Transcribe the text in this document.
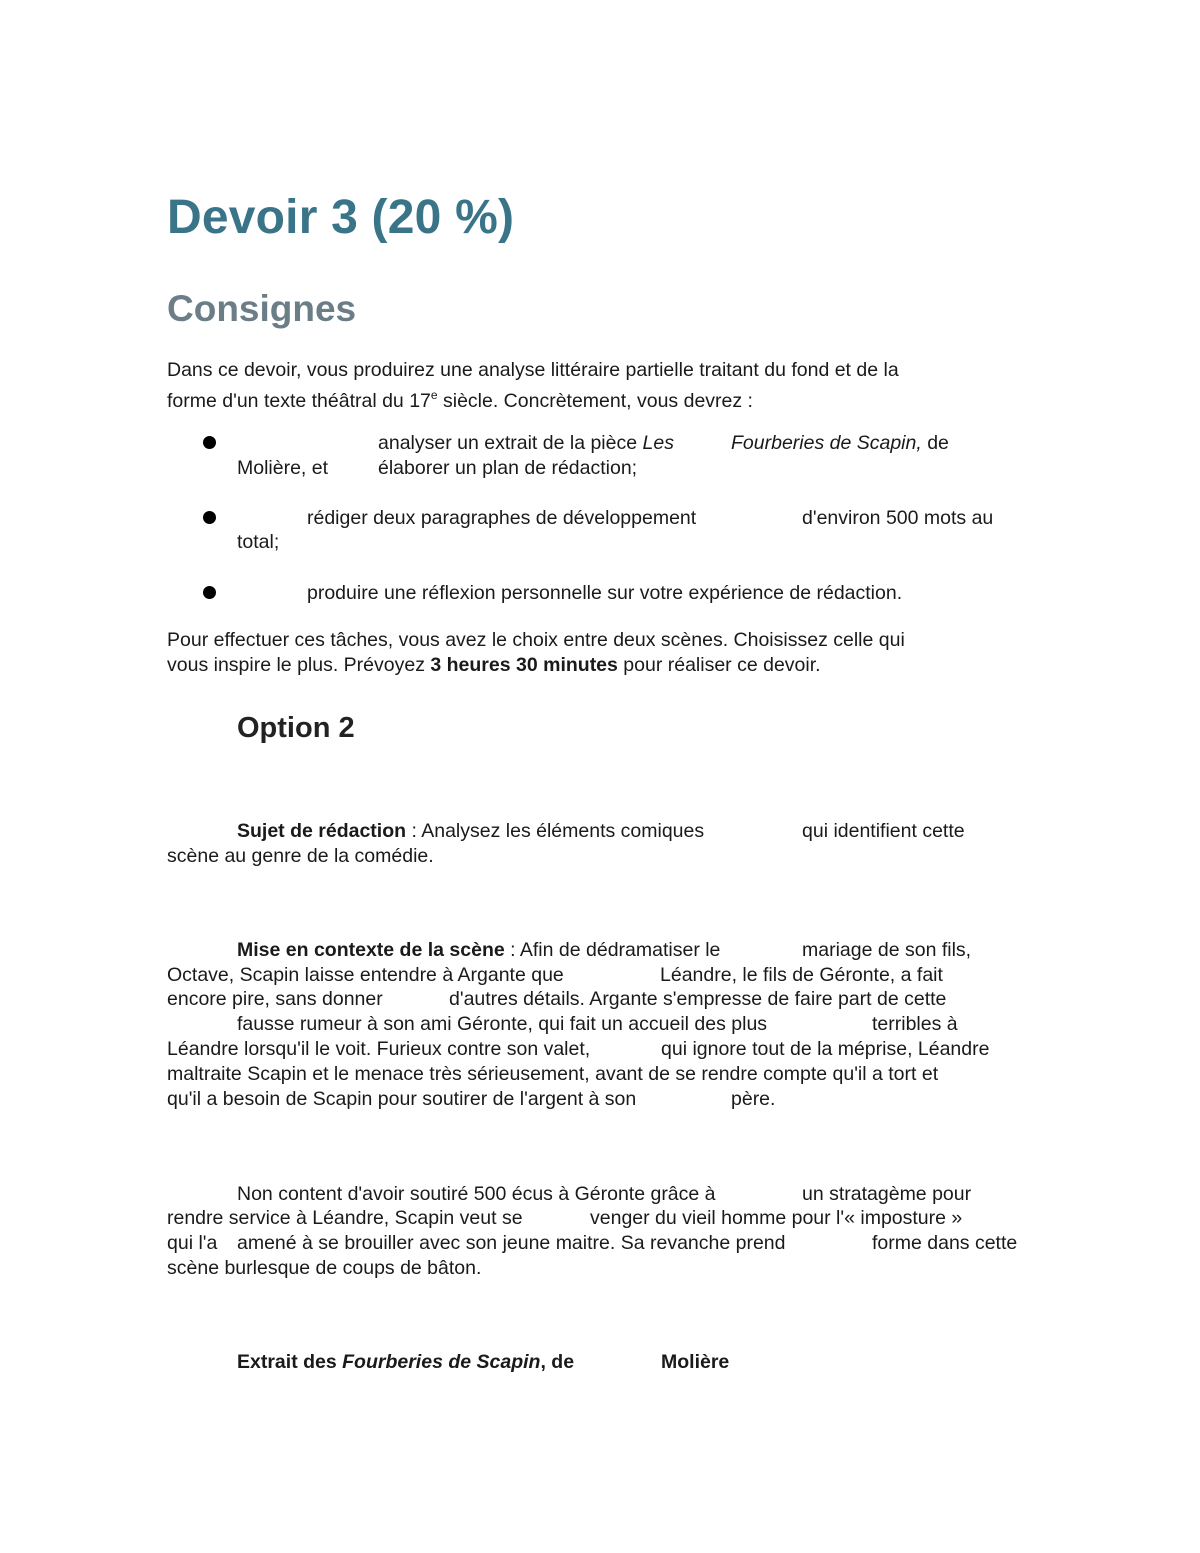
Devoir 3 (20 %)
Consignes
Dans ce devoir, vous produirez une analyse littéraire partielle traitant du fond et de la
forme d'un texte théâtral du 17e siècle. Concrètement, vous devrez :
analyser un extrait de la pièce Les	Fourberies de Scapin, de
Molière, et	élaborer un plan de rédaction;
rédiger deux paragraphes de développement	d'environ 500 mots au
total;
produire une réflexion personnelle sur votre expérience de rédaction.
Pour effectuer ces tâches, vous avez le choix entre deux scènes. Choisissez celle qui
vous inspire le plus. Prévoyez 3 heures 30 minutes pour réaliser ce devoir.
Option 2
Sujet de rédaction : Analysez les éléments comiques	qui identifient cette
scène au genre de la comédie.
Mise en contexte de la scène : Afin de dédramatiser le	mariage de son fils,
Octave, Scapin laisse entendre à Argante que	Léandre, le fils de Géronte, a fait
encore pire, sans donner	d'autres détails. Argante s'empresse de faire part de cette
fausse rumeur à son ami Géronte, qui fait un accueil des plus	terribles à
Léandre lorsqu'il le voit. Furieux contre son valet,	qui ignore tout de la méprise, Léandre
maltraite Scapin et le menace très sérieusement, avant de se rendre compte qu'il a tort et
qu'il a besoin de Scapin pour soutirer de l'argent à son	père.
Non content d'avoir soutiré 500 écus à Géronte grâce à	un stratagème pour
rendre service à Léandre, Scapin veut se	venger du vieil homme pour l'« imposture »
qui l'a amené à se brouiller avec son jeune maitre. Sa revanche prend	forme dans cette
scène burlesque de coups de bâton.
Extrait des Fourberies de Scapin, de	Molière
